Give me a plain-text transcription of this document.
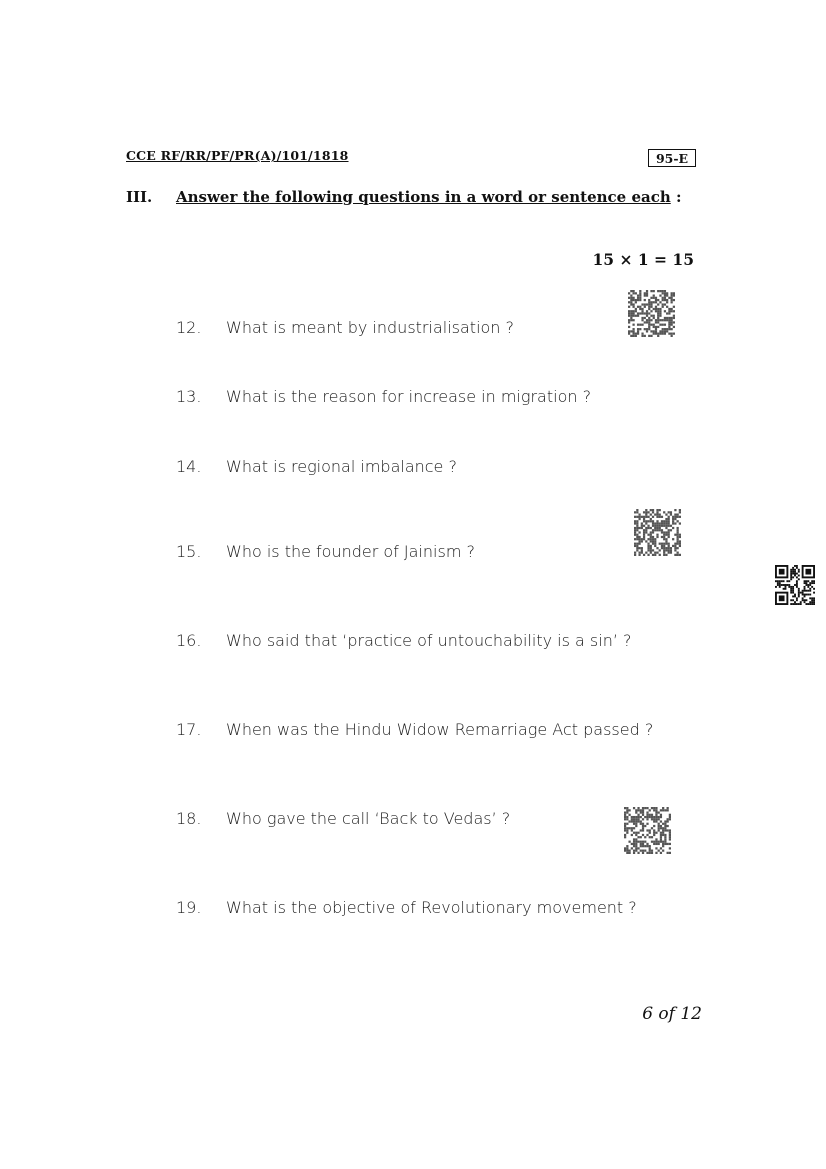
CCE RF/RR/PF/PR(A)/101/1818	95-E
III. Answer the following questions in a word or sentence each :
15 × 1 = 15
12. What is meant by industrialisation ?
13. What is the reason for increase in migration ?
14. What is regional imbalance ?
15. Who is the founder of Jainism ?
16. Who said that ‘practice of untouchability is a sin’ ?
17. When was the Hindu Widow Remarriage Act passed ?
18. Who gave the call ‘Back to Vedas’ ?
19. What is the objective of Revolutionary movement ?
6 of 12
